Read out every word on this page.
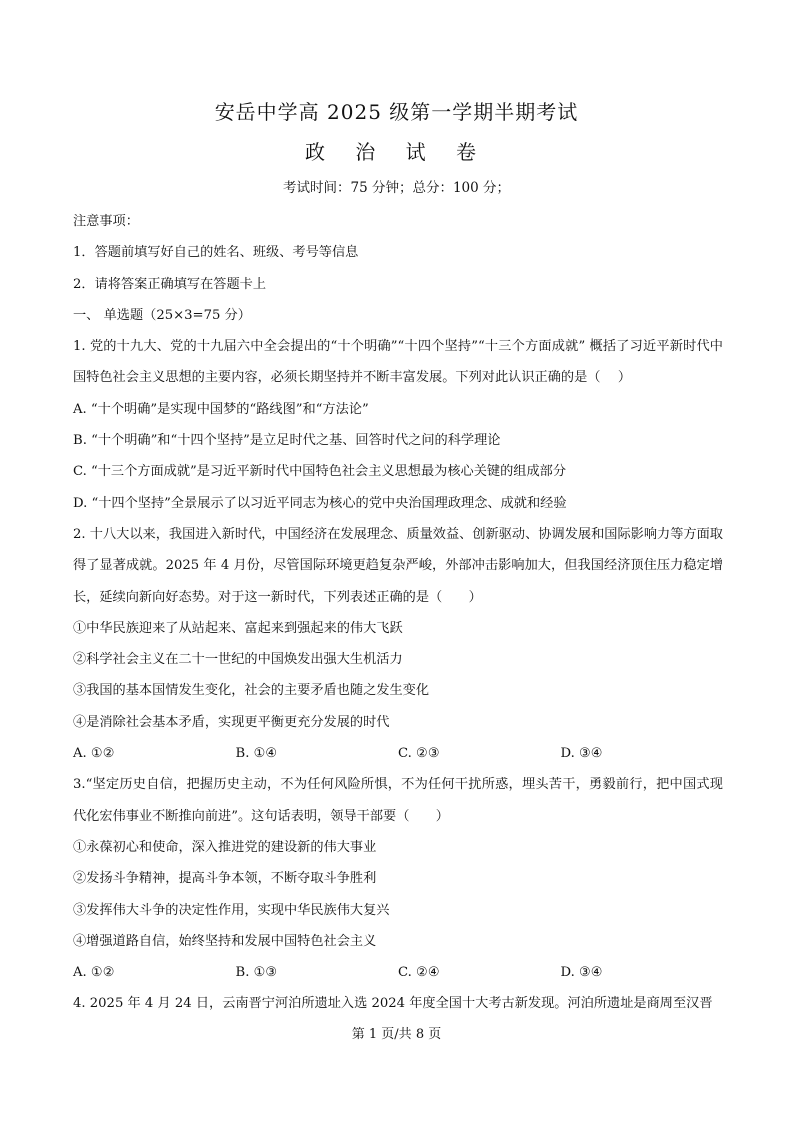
安岳中学高 2025 级第一学期半期考试
政 治 试 卷
考试时间：75 分钟；总分：100 分；
注意事项：
1．答题前填写好自己的姓名、班级、考号等信息
2．请将答案正确填写在答题卡上
一、 单选题（25×3=75 分）
1. 党的十九大、党的十九届六中全会提出的“十个明确”“十四个坚持”“十三个方面成就” 概括了习近平新时代中国特色社会主义思想的主要内容，必须长期坚持并不断丰富发展。下列对此认识正确的是（　 ）
A. “十个明确”是实现中国梦的“路线图”和“方法论”
B. “十个明确”和“十四个坚持”是立足时代之基、回答时代之问的科学理论
C. “十三个方面成就”是习近平新时代中国特色社会主义思想最为核心关键的组成部分
D. “十四个坚持”全景展示了以习近平同志为核心的党中央治国理政理念、成就和经验
2. 十八大以来，我国进入新时代，中国经济在发展理念、质量效益、创新驱动、协调发展和国际影响力等方面取得了显著成就。2025 年 4 月份，尽管国际环境更趋复杂严峻，外部冲击影响加大，但我国经济顶住压力稳定增长，延续向新向好态势。对于这一新时代，下列表述正确的是（　　）
①中华民族迎来了从站起来、富起来到强起来的伟大飞跃
②科学社会主义在二十一世纪的中国焕发出强大生机活力
③我国的基本国情发生变化，社会的主要矛盾也随之发生变化
④是消除社会基本矛盾，实现更平衡更充分发展的时代
A. ①②	B. ①④	C. ②③	D. ③④
3.“坚定历史自信，把握历史主动，不为任何风险所惧，不为任何干扰所惑，埋头苦干，勇毅前行，把中国式现代化宏伟事业不断推向前进”。这句话表明，领导干部要（　　）
①永葆初心和使命，深入推进党的建设新的伟大事业
②发扬斗争精神，提高斗争本领，不断夺取斗争胜利
③发挥伟大斗争的决定性作用，实现中华民族伟大复兴
④增强道路自信，始终坚持和发展中国特色社会主义
A. ①②	B. ①③	C. ②④	D. ③④
4. 2025 年 4 月 24 日，云南晋宁河泊所遗址入选 2024 年度全国十大考古新发现。河泊所遗址是商周至汉晋
第 1 页/共 8 页
